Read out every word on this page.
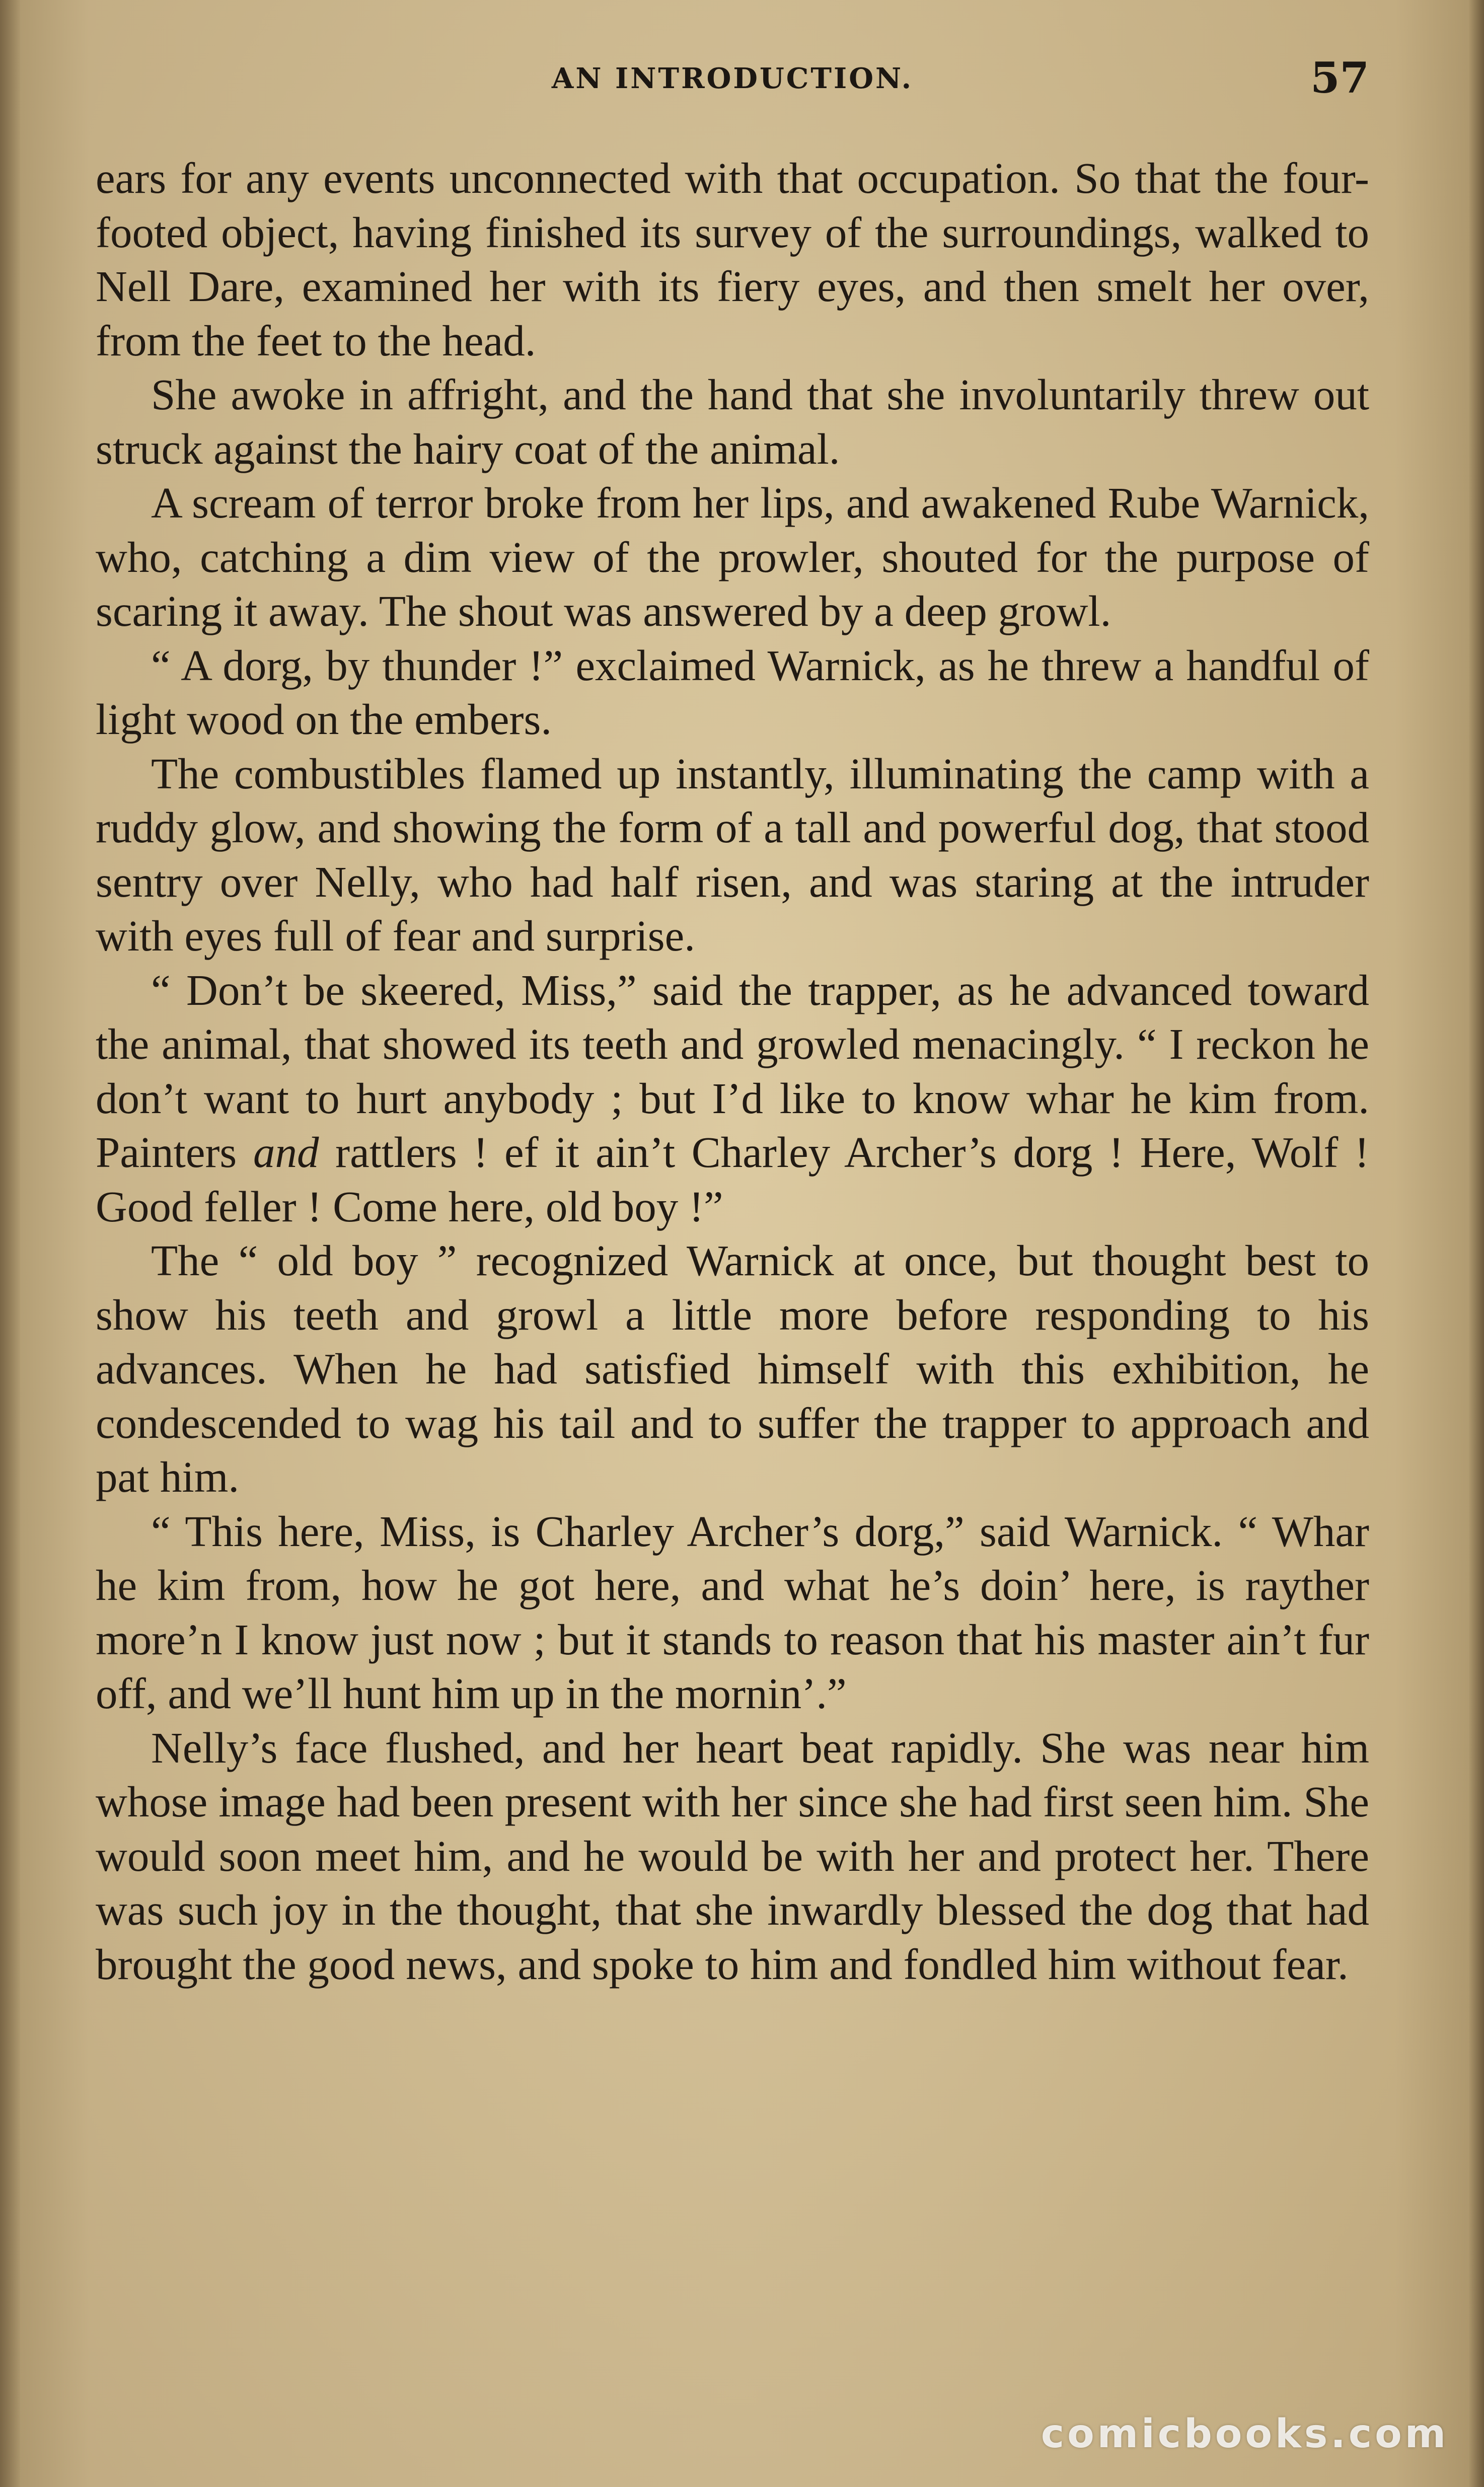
AN INTRODUCTION.	57

ears for any events unconnected with that occupation. So that the four-footed object, having finished its survey of the surroundings, walked to Nell Dare, examined her with its fiery eyes, and then smelt her over, from the feet to the head.

She awoke in affright, and the hand that she involuntarily threw out struck against the hairy coat of the animal.

A scream of terror broke from her lips, and awakened Rube Warnick, who, catching a dim view of the prowler, shouted for the purpose of scaring it away. The shout was answered by a deep growl.

“ A dorg, by thunder !” exclaimed Warnick, as he threw a handful of light wood on the embers.

The combustibles flamed up instantly, illuminating the camp with a ruddy glow, and showing the form of a tall and powerful dog, that stood sentry over Nelly, who had half risen, and was staring at the intruder with eyes full of fear and surprise.

“ Don’t be skeered, Miss,” said the trapper, as he advanced toward the animal, that showed its teeth and growled menacingly. “ I reckon he don’t want to hurt anybody ; but I’d like to know whar he kim from. Painters and rattlers ! ef it ain’t Charley Archer’s dorg ! Here, Wolf ! Good feller ! Come here, old boy !”

The “ old boy ” recognized Warnick at once, but thought best to show his teeth and growl a little more before responding to his advances. When he had satisfied himself with this exhibition, he condescended to wag his tail and to suffer the trapper to approach and pat him.

“ This here, Miss, is Charley Archer’s dorg,” said Warnick. “ Whar he kim from, how he got here, and what he’s doin’ here, is rayther more’n I know just now ; but it stands to reason that his master ain’t fur off, and we’ll hunt him up in the mornin’.”

Nelly’s face flushed, and her heart beat rapidly. She was near him whose image had been present with her since she had first seen him. She would soon meet him, and he would be with her and protect her. There was such joy in the thought, that she inwardly blessed the dog that had brought the good news, and spoke to him and fondled him without fear.

comicbooks.com
